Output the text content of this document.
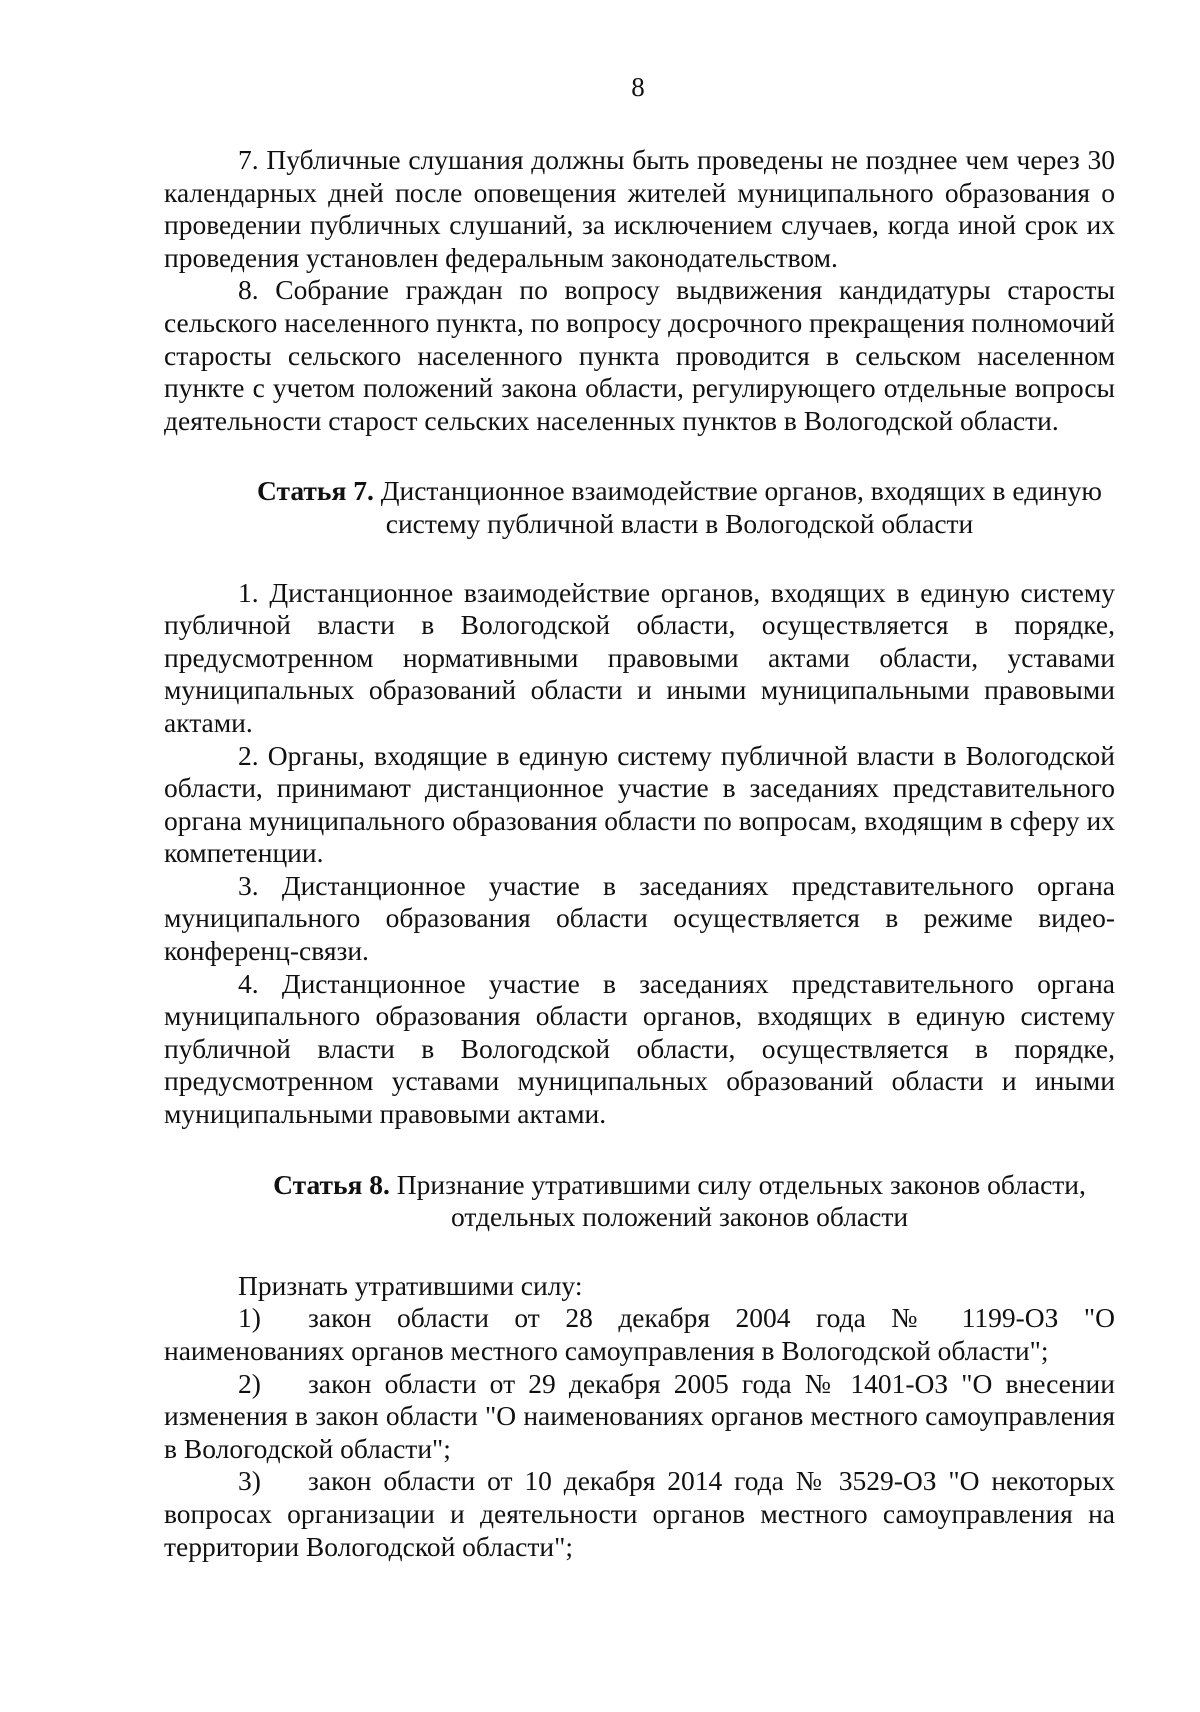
8

7. Публичные слушания должны быть проведены не позднее чем через 30 календарных дней после оповещения жителей муниципального образования о проведении публичных слушаний, за исключением случаев, когда иной срок их проведения установлен федеральным законодательством.

8. Собрание граждан по вопросу выдвижения кандидатуры старосты сельского населенного пункта, по вопросу досрочного прекращения полномочий старосты сельского населенного пункта проводится в сельском населенном пункте с учетом положений закона области, регулирующего отдельные вопросы деятельности старост сельских населенных пунктов в Вологодской области.

Статья 7. Дистанционное взаимодействие органов, входящих в единую
систему публичной власти в Вологодской области

1. Дистанционное взаимодействие органов, входящих в единую систему публичной власти в Вологодской области, осуществляется в порядке, предусмотренном нормативными правовыми актами области, уставами муниципальных образований области и иными муниципальными правовыми актами.

2. Органы, входящие в единую систему публичной власти в Вологодской области, принимают дистанционное участие в заседаниях представительного органа муниципального образования области по вопросам, входящим в сферу их компетенции.

3. Дистанционное участие в заседаниях представительного органа муниципального образования области осуществляется в режиме видео-конференц-связи.

4. Дистанционное участие в заседаниях представительного органа муниципального образования области органов, входящих в единую систему публичной власти в Вологодской области, осуществляется в порядке, предусмотренном уставами муниципальных образований области и иными муниципальными правовыми актами.

Статья 8. Признание утратившими силу отдельных законов области,
отдельных положений законов области

Признать утратившими силу:

1) закон области от 28 декабря 2004 года № 1199-ОЗ "О наименованиях органов местного самоуправления в Вологодской области";

2) закон области от 29 декабря 2005 года № 1401-ОЗ "О внесении изменения в закон области "О наименованиях органов местного самоуправления в Вологодской области";

3) закон области от 10 декабря 2014 года № 3529-ОЗ "О некоторых вопросах организации и деятельности органов местного самоуправления на территории Вологодской области";
